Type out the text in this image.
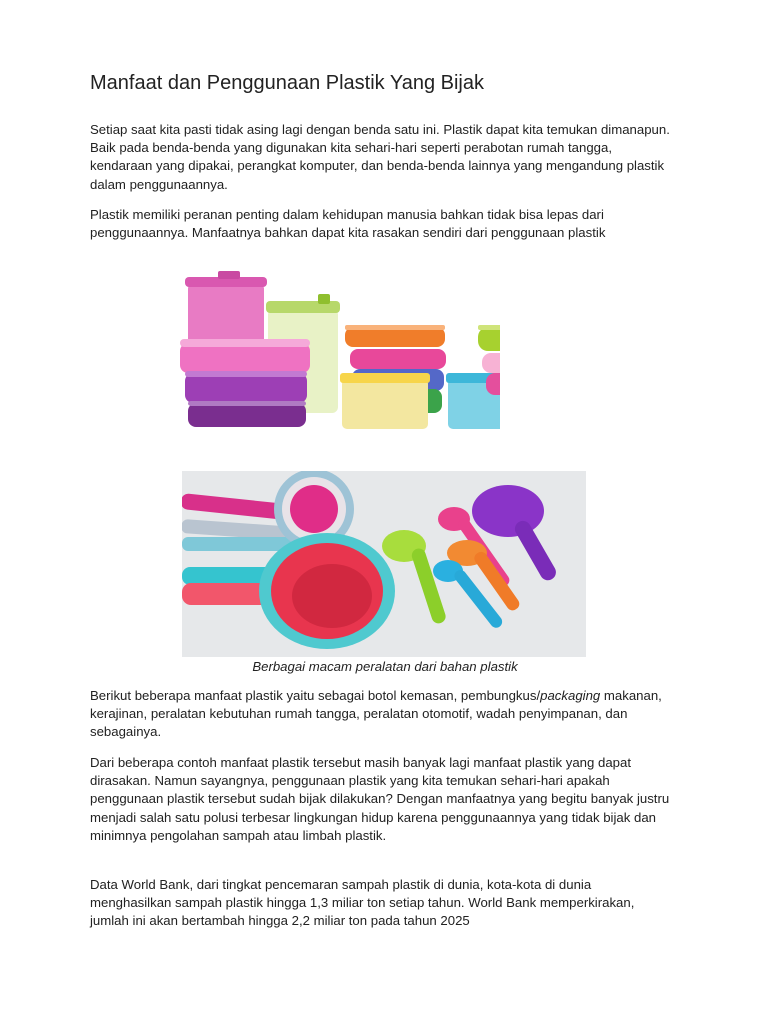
Manfaat dan Penggunaan Plastik Yang Bijak

Setiap saat kita pasti tidak asing lagi dengan benda satu ini. Plastik dapat kita temukan dimanapun. Baik pada benda-benda yang digunakan kita sehari-hari seperti perabotan rumah tangga, kendaraan yang dipakai, perangkat komputer, dan benda-benda lainnya yang mengandung plastik dalam penggunaannya.

Plastik memiliki peranan penting dalam kehidupan manusia bahkan tidak bisa lepas dari penggunaannya. Manfaatnya bahkan dapat kita rasakan sendiri dari penggunaan plastik

Berbagai macam peralatan dari bahan plastik

Berikut beberapa manfaat plastik yaitu sebagai botol kemasan, pembungkus/packaging makanan, kerajinan, peralatan kebutuhan rumah tangga, peralatan otomotif, wadah penyimpanan, dan sebagainya.

Dari beberapa contoh manfaat plastik tersebut masih banyak lagi manfaat plastik yang dapat dirasakan. Namun sayangnya, penggunaan plastik yang kita temukan sehari-hari apakah penggunaan plastik tersebut sudah bijak dilakukan? Dengan manfaatnya yang begitu banyak justru menjadi salah satu polusi terbesar lingkungan hidup karena penggunaannya yang tidak bijak dan minimnya pengolahan sampah atau limbah plastik.

Data World Bank, dari tingkat pencemaran sampah plastik di dunia, kota-kota di dunia menghasilkan sampah plastik hingga 1,3 miliar ton setiap tahun. World Bank memperkirakan, jumlah ini akan bertambah hingga 2,2 miliar ton pada tahun 2025
